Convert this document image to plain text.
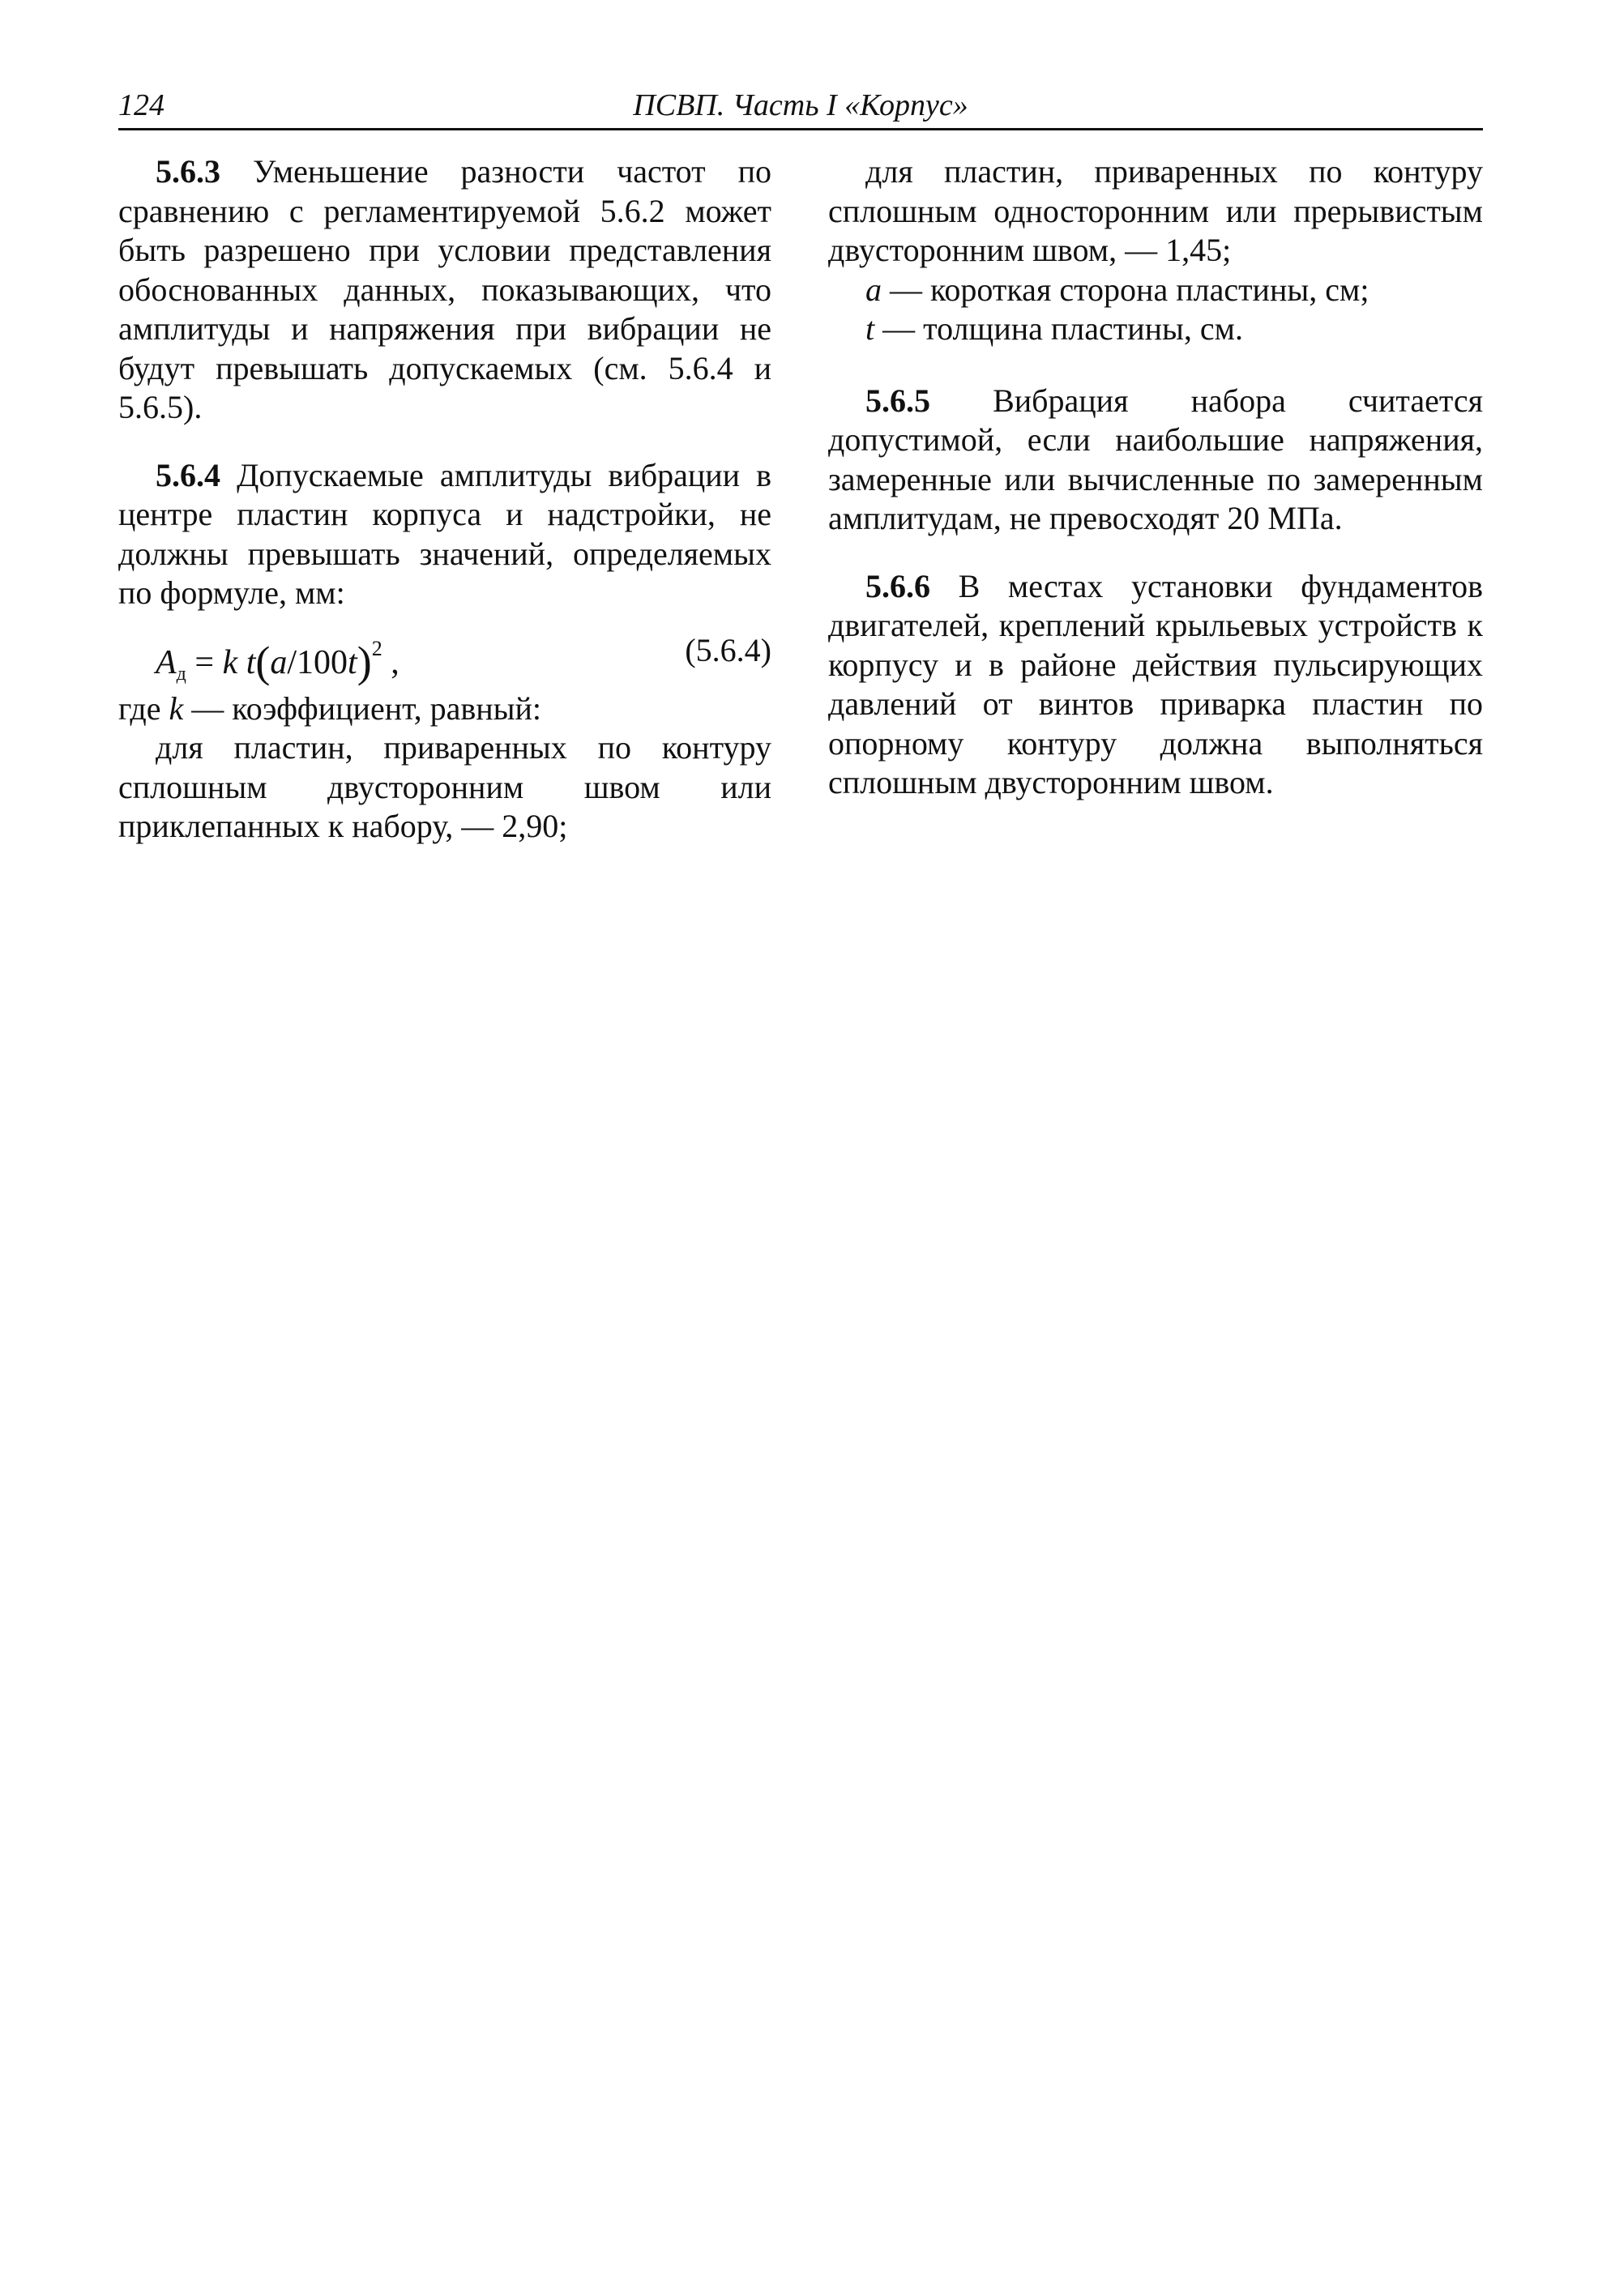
124	ПСВП. Часть I «Корпус»

5.6.3 Уменьшение разности частот по сравнению с регламентируемой 5.6.2 может быть разрешено при условии представления обоснованных данных, показывающих, что амплитуды и напряжения при вибрации не будут превышать допускаемых (см. 5.6.4 и 5.6.5).

5.6.4 Допускаемые амплитуды вибрации в центре пластин корпуса и надстройки, не должны превышать значений, определяемых по формуле, мм:

$A_д = k$ $t(a/100t)^2$ ,	(5.6.4)

где k — коэффициент, равный:

для пластин, приваренных по контуру сплошным двусторонним швом или приклепанных к набору, — 2,90;

для пластин, приваренных по контуру сплошным односторонним или прерывистым двусторонним швом, — 1,45;

a — короткая сторона пластины, см;

t — толщина пластины, см.

5.6.5 Вибрация набора считается допустимой, если наибольшие напряжения, замеренные или вычисленные по замеренным амплитудам, не превосходят 20 МПа.

5.6.6 В местах установки фундаментов двигателей, креплений крыльевых устройств к корпусу и в районе действия пульсирующих давлений от винтов приварка пластин по опорному контуру должна выполняться сплошным двусторонним швом.
